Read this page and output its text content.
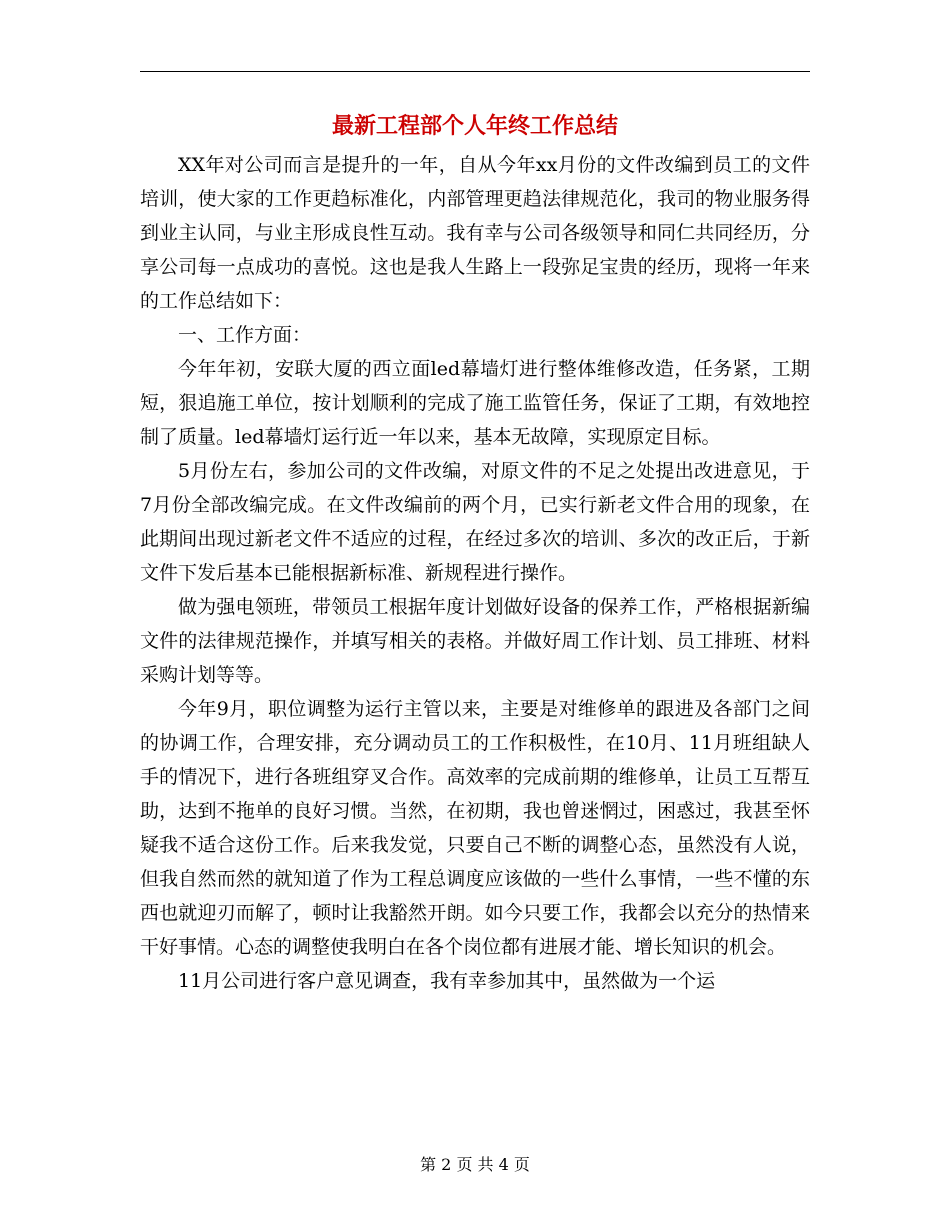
最新工程部个人年终工作总结

XX年对公司而言是提升的一年，自从今年xx月份的文件改编到员工的文件培训，使大家的工作更趋标准化，内部管理更趋法律规范化，我司的物业服务得到业主认同，与业主形成良性互动。我有幸与公司各级领导和同仁共同经历，分享公司每一点成功的喜悦。这也是我人生路上一段弥足宝贵的经历，现将一年来的工作总结如下：

一、工作方面：

今年年初，安联大厦的西立面led幕墙灯进行整体维修改造，任务紧，工期短，狠追施工单位，按计划顺利的完成了施工监管任务，保证了工期，有效地控制了质量。led幕墙灯运行近一年以来，基本无故障，实现原定目标。

5月份左右，参加公司的文件改编，对原文件的不足之处提出改进意见，于7月份全部改编完成。在文件改编前的两个月，已实行新老文件合用的现象，在此期间出现过新老文件不适应的过程，在经过多次的培训、多次的改正后，于新文件下发后基本已能根据新标准、新规程进行操作。

做为强电领班，带领员工根据年度计划做好设备的保养工作，严格根据新编文件的法律规范操作，并填写相关的表格。并做好周工作计划、员工排班、材料采购计划等等。

今年9月，职位调整为运行主管以来，主要是对维修单的跟进及各部门之间的协调工作，合理安排，充分调动员工的工作积极性，在10月、11月班组缺人手的情况下，进行各班组穿叉合作。高效率的完成前期的维修单，让员工互帮互助，达到不拖单的良好习惯。当然，在初期，我也曾迷惘过，困惑过，我甚至怀疑我不适合这份工作。后来我发觉，只要自己不断的调整心态，虽然没有人说，但我自然而然的就知道了作为工程总调度应该做的一些什么事情，一些不懂的东西也就迎刃而解了，顿时让我豁然开朗。如今只要工作，我都会以充分的热情来干好事情。心态的调整使我明白在各个岗位都有进展才能、增长知识的机会。

11月公司进行客户意见调查，我有幸参加其中，虽然做为一个运

第 2 页 共 4 页
